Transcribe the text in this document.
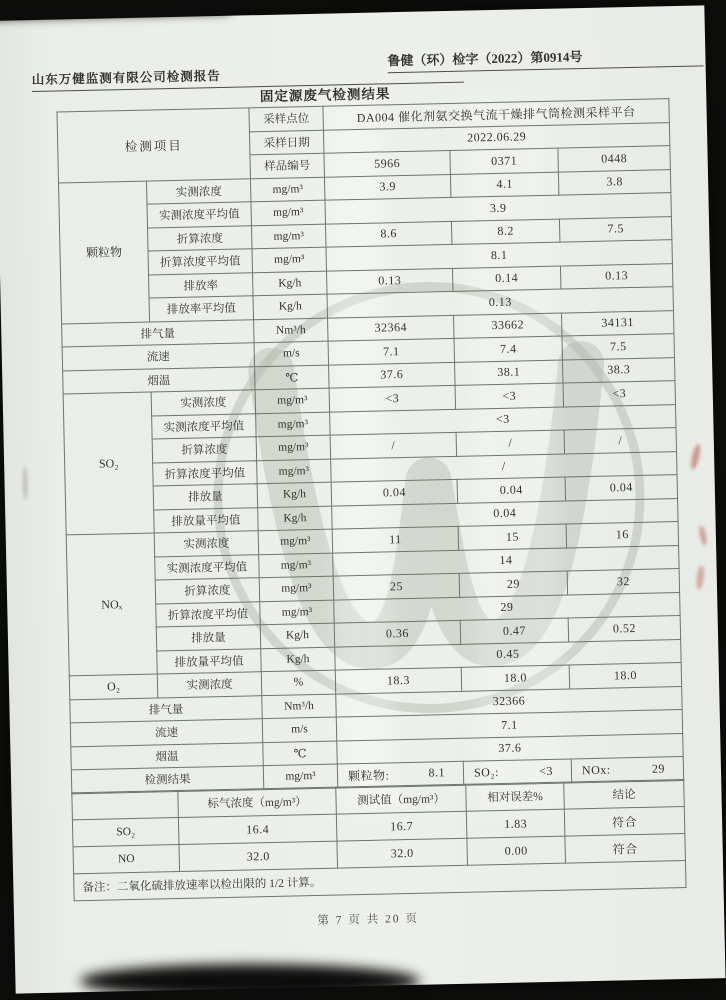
山东万健监测有限公司检测报告
鲁健（环）检字（2022）第0914号
固定源废气检测结果
检测项目		采样点位	DA004 催化剂氨交换气流干燥排气筒检测采样平台		
		采样日期	2022.06.29		
		样品编号	5966	0371	0448
颗粒物	实测浓度	mg/m³	3.9	4.1	3.8
	实测浓度平均值	mg/m³	3.9		
	折算浓度	mg/m³	8.6	8.2	7.5
	折算浓度平均值	mg/m³	8.1		
	排放率	Kg/h	0.13	0.14	0.13
	排放率平均值	Kg/h	0.13		
排气量		Nm³/h	32364	33662	34131
流速		m/s	7.1	7.4	7.5
烟温		℃	37.6	38.1	38.3
SO₂	实测浓度	mg/m³	<3	<3	<3
	实测浓度平均值	mg/m³	<3		
	折算浓度	mg/m³	/	/	/
	折算浓度平均值	mg/m³	/		
	排放量	Kg/h	0.04	0.04	0.04
	排放量平均值	Kg/h	0.04		
NOₓ	实测浓度	mg/m³	11	15	16
	实测浓度平均值	mg/m³	14		
	折算浓度	mg/m³	25	29	32
	折算浓度平均值	mg/m³	29		
	排放量	Kg/h	0.36	0.47	0.52
	排放量平均值	Kg/h	0.45		
O₂	实测浓度	%	18.3	18.0	18.0
排气量		Nm³/h	32366		
流速		m/s	7.1		
烟温		℃	37.6		
检测结果		mg/m³	颗粒物: 8.1	SO₂: <3	NOx: 29
	标气浓度（mg/m³）	测试值（mg/m³）	相对误差%	结论
SO₂	16.4	16.7	1.83	符合
NO	32.0	32.0	0.00	符合
备注：二氧化硫排放速率以检出限的 1/2 计算。				
第 7 页 共 20 页
